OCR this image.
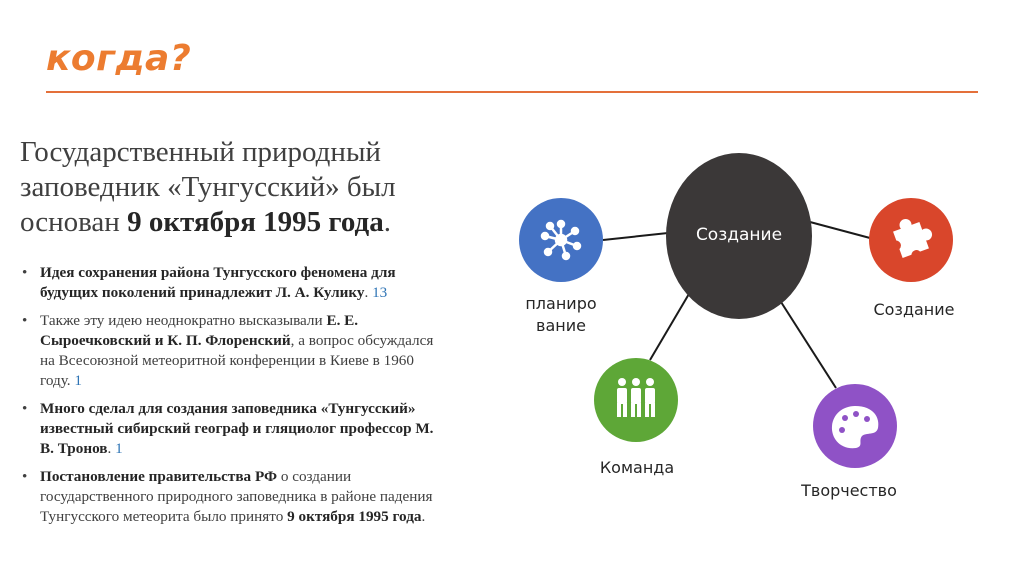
когда?
Государственный природный заповедник «Тунгусский» был основан 9 октября 1995 года.
• Идея сохранения района Тунгусского феномена для будущих поколений принадлежит Л. А. Кулику. 13
• Также эту идею неоднократно высказывали Е. Е. Сыроечковский и К. П. Флоренский, а вопрос обсуждался на Всесоюзной метеоритной конференции в Киеве в 1960 году. 1
• Много сделал для создания заповедника «Тунгусский» известный сибирский географ и гляциолог профессор М. В. Тронов. 1
• Постановление правительства РФ о создании государственного природного заповедника в районе падения Тунгусского метеорита было принято 9 октября 1995 года.
Создание
планиро
вание
Создание
Команда
Творчество
